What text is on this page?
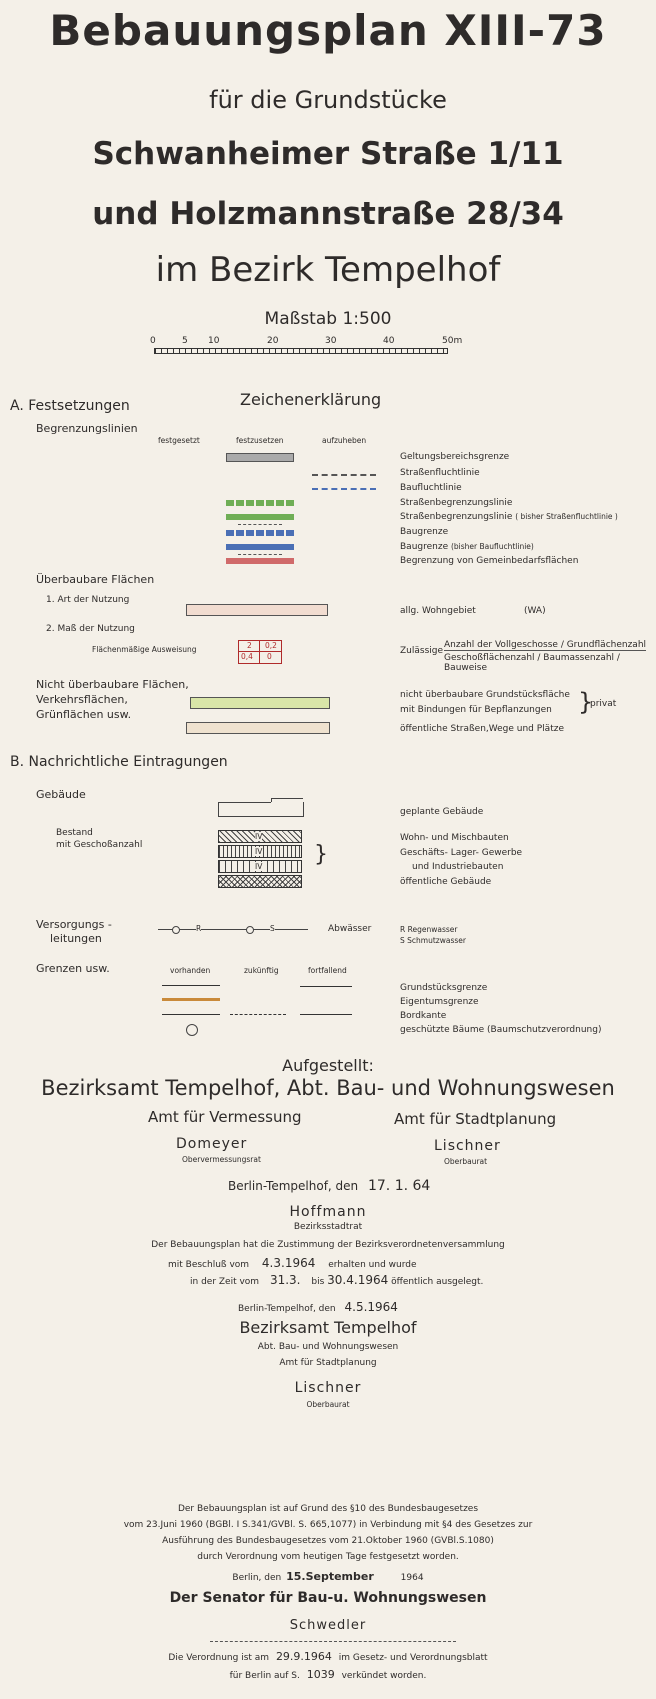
Bebauungsplan XIII-73
für die Grundstücke
Schwanheimer Straße 1/11
und Holzmannstraße 28/34
im Bezirk Tempelhof
Maßstab 1:500
0	5 10	20	30	40	50m
A. Festsetzungen	Zeichenerklärung
Begrenzungslinien
festgesetzt	festzusetzen	aufzuheben
Geltungsbereichsgrenze
Straßenfluchtlinie
Baufluchtlinie
Straßenbegrenzungslinie
Straßenbegrenzungslinie ( bisher Straßenfluchtlinie )
Baugrenze
Baugrenze (bisher Baufluchtlinie)
Begrenzung von Gemeinbedarfsflächen
Überbaubare Flächen
1. Art der Nutzung
allg. Wohngebiet	(WA)
2. Maß der Nutzung
Flächenmäßige Ausweisung	2 0,2
0,4 0
Zulässige
Anzahl der Vollgeschosse / Grundflächenzahl
Geschoßflächenzahl / Baumassenzahl / Bauweise
Nicht überbaubare Flächen,
Verkehrsflächen,
Grünflächen usw.
nicht überbaubare Grundstücksfläche
mit Bindungen für Bepflanzungen }
privat
öffentliche Straßen,Wege und Plätze
B. Nachrichtliche Eintragungen
Gebäude
geplante Gebäude
Bestand
mit Geschoßanzahl
IV
IV
IV }
Wohn- und Mischbauten
Geschäfts- Lager- Gewerbe
und Industriebauten
öffentliche Gebäude
Versorgungs -
leitungen
R	S	Abwässer	R Regenwasser
S Schmutzwasser
Grenzen usw.	vorhanden	zukünftig	fortfallend
Grundstücksgrenze
Eigentumsgrenze
Bordkante
geschützte Bäume (Baumschutzverordnung)
Aufgestellt:
Bezirksamt Tempelhof, Abt. Bau- und Wohnungswesen
Amt für Vermessung	Amt für Stadtplanung
Domeyer
Obervermessungsrat
Lischner
Oberbaurat
Berlin-Tempelhof, den 17. 1. 64
Hoffmann
Bezirksstadtrat
Der Bebauungsplan hat die Zustimmung der Bezirksverordnetenversammlung
mit Beschluß vom 4.3.1964 erhalten und wurde
in der Zeit vom 31.3. bis 30.4.1964 öffentlich ausgelegt.
Berlin-Tempelhof, den 4.5.1964
Bezirksamt Tempelhof
Abt. Bau- und Wohnungswesen
Amt für Stadtplanung
Lischner
Oberbaurat
Der Bebauungsplan ist auf Grund des §10 des Bundesbaugesetzes
vom 23.Juni 1960 (BGBl. I S.341/GVBl. S. 665,1077) in Verbindung mit §4 des Gesetzes zur
Ausführung des Bundesbaugesetzes vom 21.Oktober 1960 (GVBl.S.1080)
durch Verordnung vom heutigen Tage festgesetzt worden.
Berlin, den 15.September	1964
Der Senator für Bau-u. Wohnungswesen
Schwedler
Die Verordnung ist am 29.9.1964 im Gesetz- und Verordnungsblatt
für Berlin auf S. 1039 verkündet worden.
